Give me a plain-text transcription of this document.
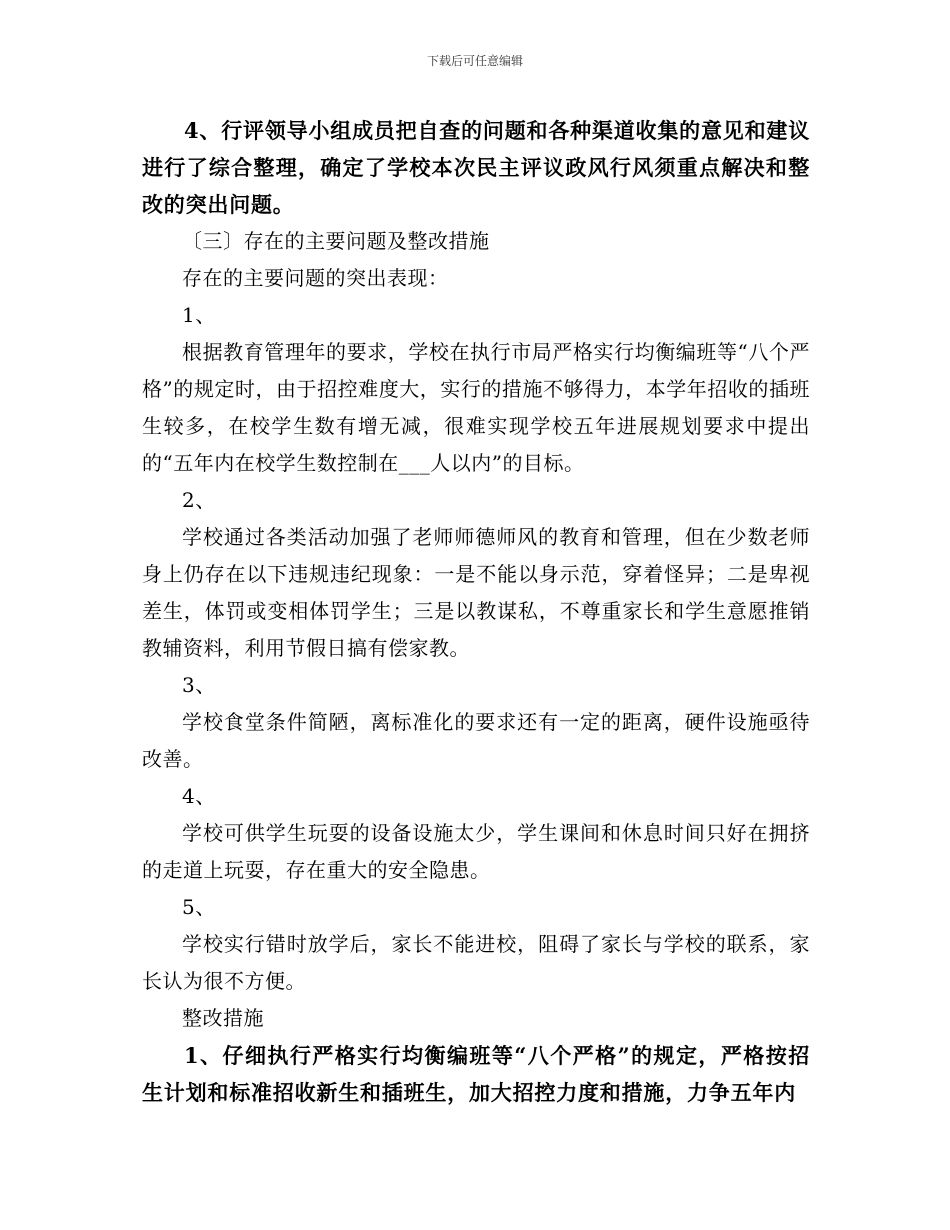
下载后可任意编辑

4、行评领导小组成员把自查的问题和各种渠道收集的意见和建议进行了综合整理，确定了学校本次民主评议政风行风须重点解决和整改的突出问题。

〔三〕存在的主要问题及整改措施

存在的主要问题的突出表现：

1、

根据教育管理年的要求，学校在执行市局严格实行均衡编班等“八个严格”的规定时，由于招控难度大，实行的措施不够得力，本学年招收的插班生较多，在校学生数有增无减，很难实现学校五年进展规划要求中提出的“五年内在校学生数控制在___人以内”的目标。

2、

学校通过各类活动加强了老师师德师风的教育和管理，但在少数老师身上仍存在以下违规违纪现象：一是不能以身示范，穿着怪异；二是卑视差生，体罚或变相体罚学生；三是以教谋私，不尊重家长和学生意愿推销教辅资料，利用节假日搞有偿家教。

3、

学校食堂条件简陋，离标准化的要求还有一定的距离，硬件设施亟待改善。

4、

学校可供学生玩耍的设备设施太少，学生课间和休息时间只好在拥挤的走道上玩耍，存在重大的安全隐患。

5、

学校实行错时放学后，家长不能进校，阻碍了家长与学校的联系，家长认为很不方便。

整改措施

1、仔细执行严格实行均衡编班等“八个严格”的规定，严格按招生计划和标准招收新生和插班生，加大招控力度和措施，力争五年内
